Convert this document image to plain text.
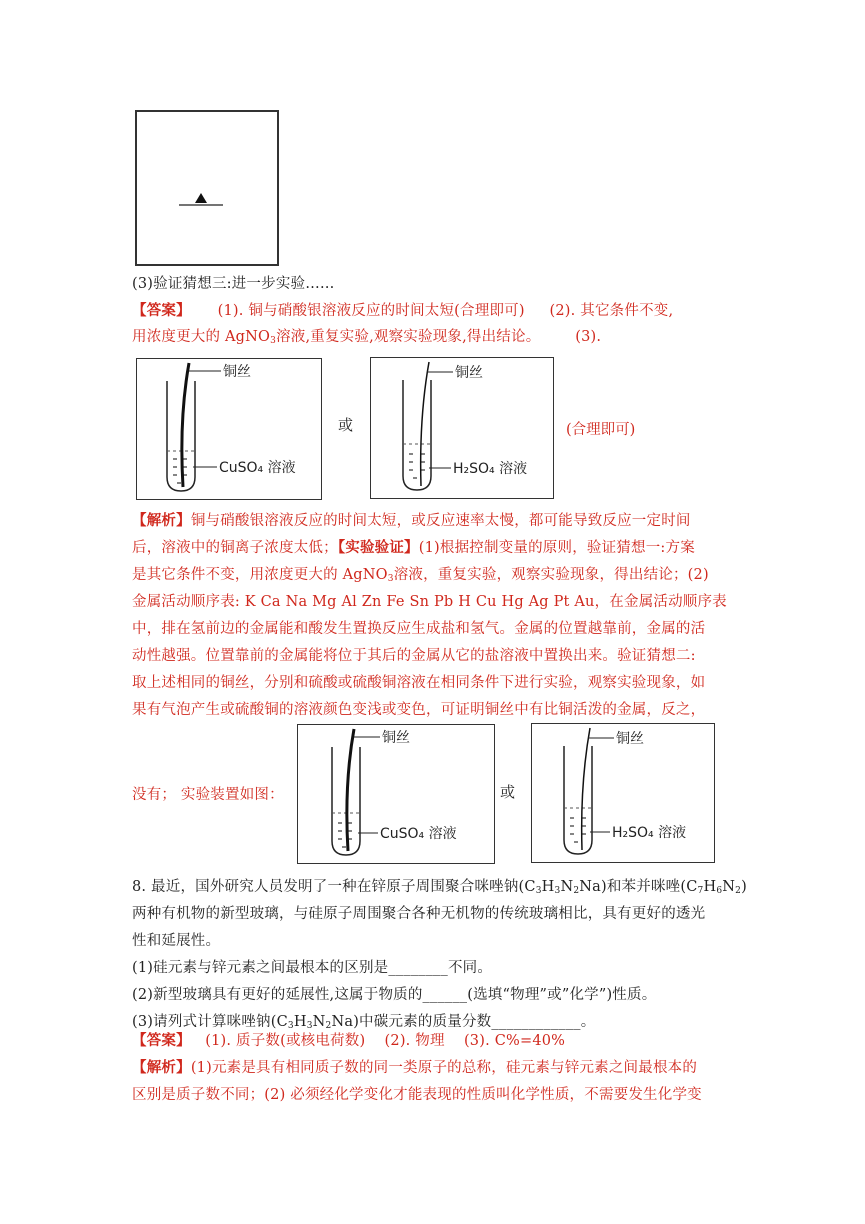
(3)验证猜想三:进一步实验……
【答案】 (1). 铜与硝酸银溶液反应的时间太短(合理即可) (2). 其它条件不变,
用浓度更大的 AgNO$_3$溶液,重复实验,观察实验现象,得出结论。 (3).
铜丝
CuSO₄ 溶液
或
铜丝
H₂SO₄ 溶液
(合理即可)
【解析】铜与硝酸银溶液反应的时间太短，或反应速率太慢，都可能导致反应一定时间
后，溶液中的铜离子浓度太低；【实验验证】(1)根据控制变量的原则，验证猜想一:方案
是其它条件不变，用浓度更大的 AgNO$_3$溶液，重复实验，观察实验现象，得出结论；(2)
金属活动顺序表: K Ca Na Mg Al Zn Fe Sn Pb H Cu Hg Ag Pt Au，在金属活动顺序表
中，排在氢前边的金属能和酸发生置换反应生成盐和氢气。金属的位置越靠前，金属的活
动性越强。位置靠前的金属能将位于其后的金属从它的盐溶液中置换出来。验证猜想二:
取上述相同的铜丝，分别和硫酸或硫酸铜溶液在相同条件下进行实验，观察实验现象，如
果有气泡产生或硫酸铜的溶液颜色变浅或变色，可证明铜丝中有比铜活泼的金属，反之，
没有； 实验装置如图：
铜丝
CuSO₄ 溶液
或
铜丝
H₂SO₄ 溶液
8. 最近，国外研究人员发明了一种在锌原子周围聚合咪唑钠$(C_3H_3N_2Na)$和苯并咪唑$(C_7H_6N_2)$
两种有机物的新型玻璃，与硅原子周围聚合各种无机物的传统玻璃相比，具有更好的透光
性和延展性。
(1)硅元素与锌元素之间最根本的区别是________不同。
(2)新型玻璃具有更好的延展性,这属于物质的______(选填“物理”或”化学”)性质。
(3)请列式计算咪唑钠$(C_3H_3N_2Na)$中碳元素的质量分数____________。
【答案】   (1). 质子数(或核电荷数)    (2). 物理    (3). C%=40%
【解析】(1)元素是具有相同质子数的同一类原子的总称，硅元素与锌元素之间最根本的
区别是质子数不同；(2) 必须经化学变化才能表现的性质叫化学性质，不需要发生化学变
